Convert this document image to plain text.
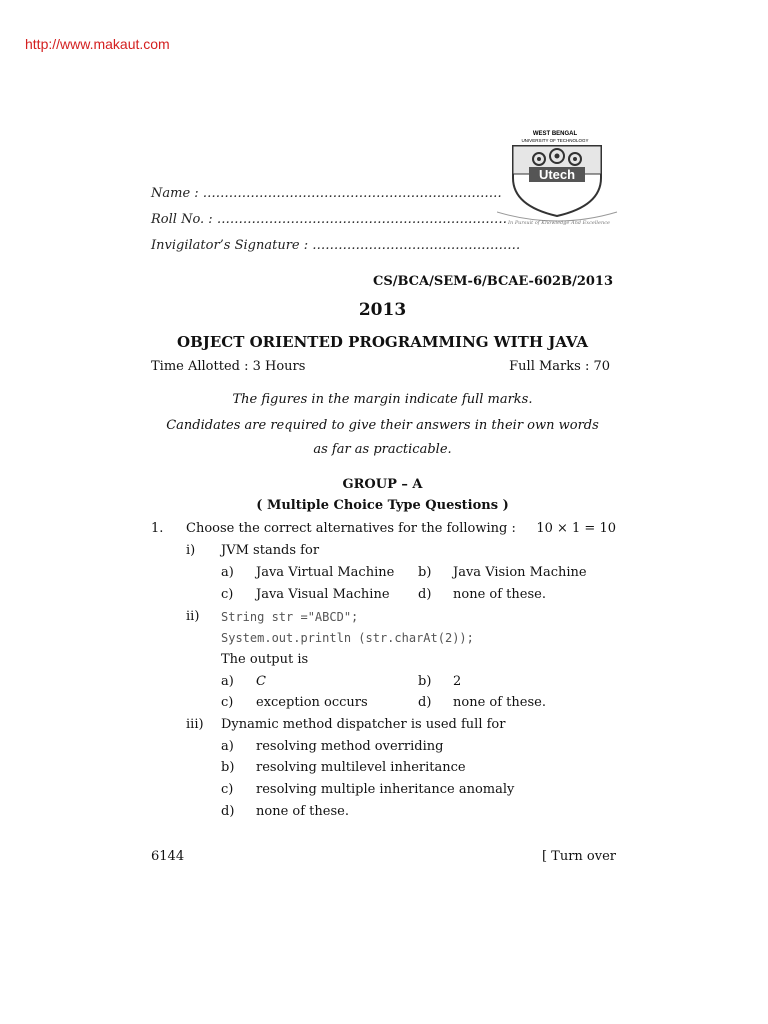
http://www.makaut.com
WEST BENGAL
UNIVERSITY OF TECHNOLOGY
Utech
In Pursuit of Knowledge And Excellence
Name : ……………………………………………………………
Roll No. : ………………………………………………….………
Invigilator’s Signature : …………………………………………
CS/BCA/SEM-6/BCAE-602B/2013
2013
OBJECT ORIENTED PROGRAMMING WITH JAVA
Time Allotted : 3 Hours	Full Marks : 70
The figures in the margin indicate full marks.
Candidates are required to give their answers in their own words
as far as practicable.
GROUP – A
( Multiple Choice Type Questions )
1. Choose the correct alternatives for the following : 10 × 1 = 10
i) JVM stands for
a) Java Virtual Machine b) Java Vision Machine
c) Java Visual Machine d) none of these.
ii) String str ="ABCD";
System.out.println (str.charAt(2));
The output is
a) C	b) 2
c) exception occurs	d) none of these.
iii) Dynamic method dispatcher is used full for
a) resolving method overriding
b) resolving multilevel inheritance
c) resolving multiple inheritance anomaly
d) none of these.
6144	[ Turn over
